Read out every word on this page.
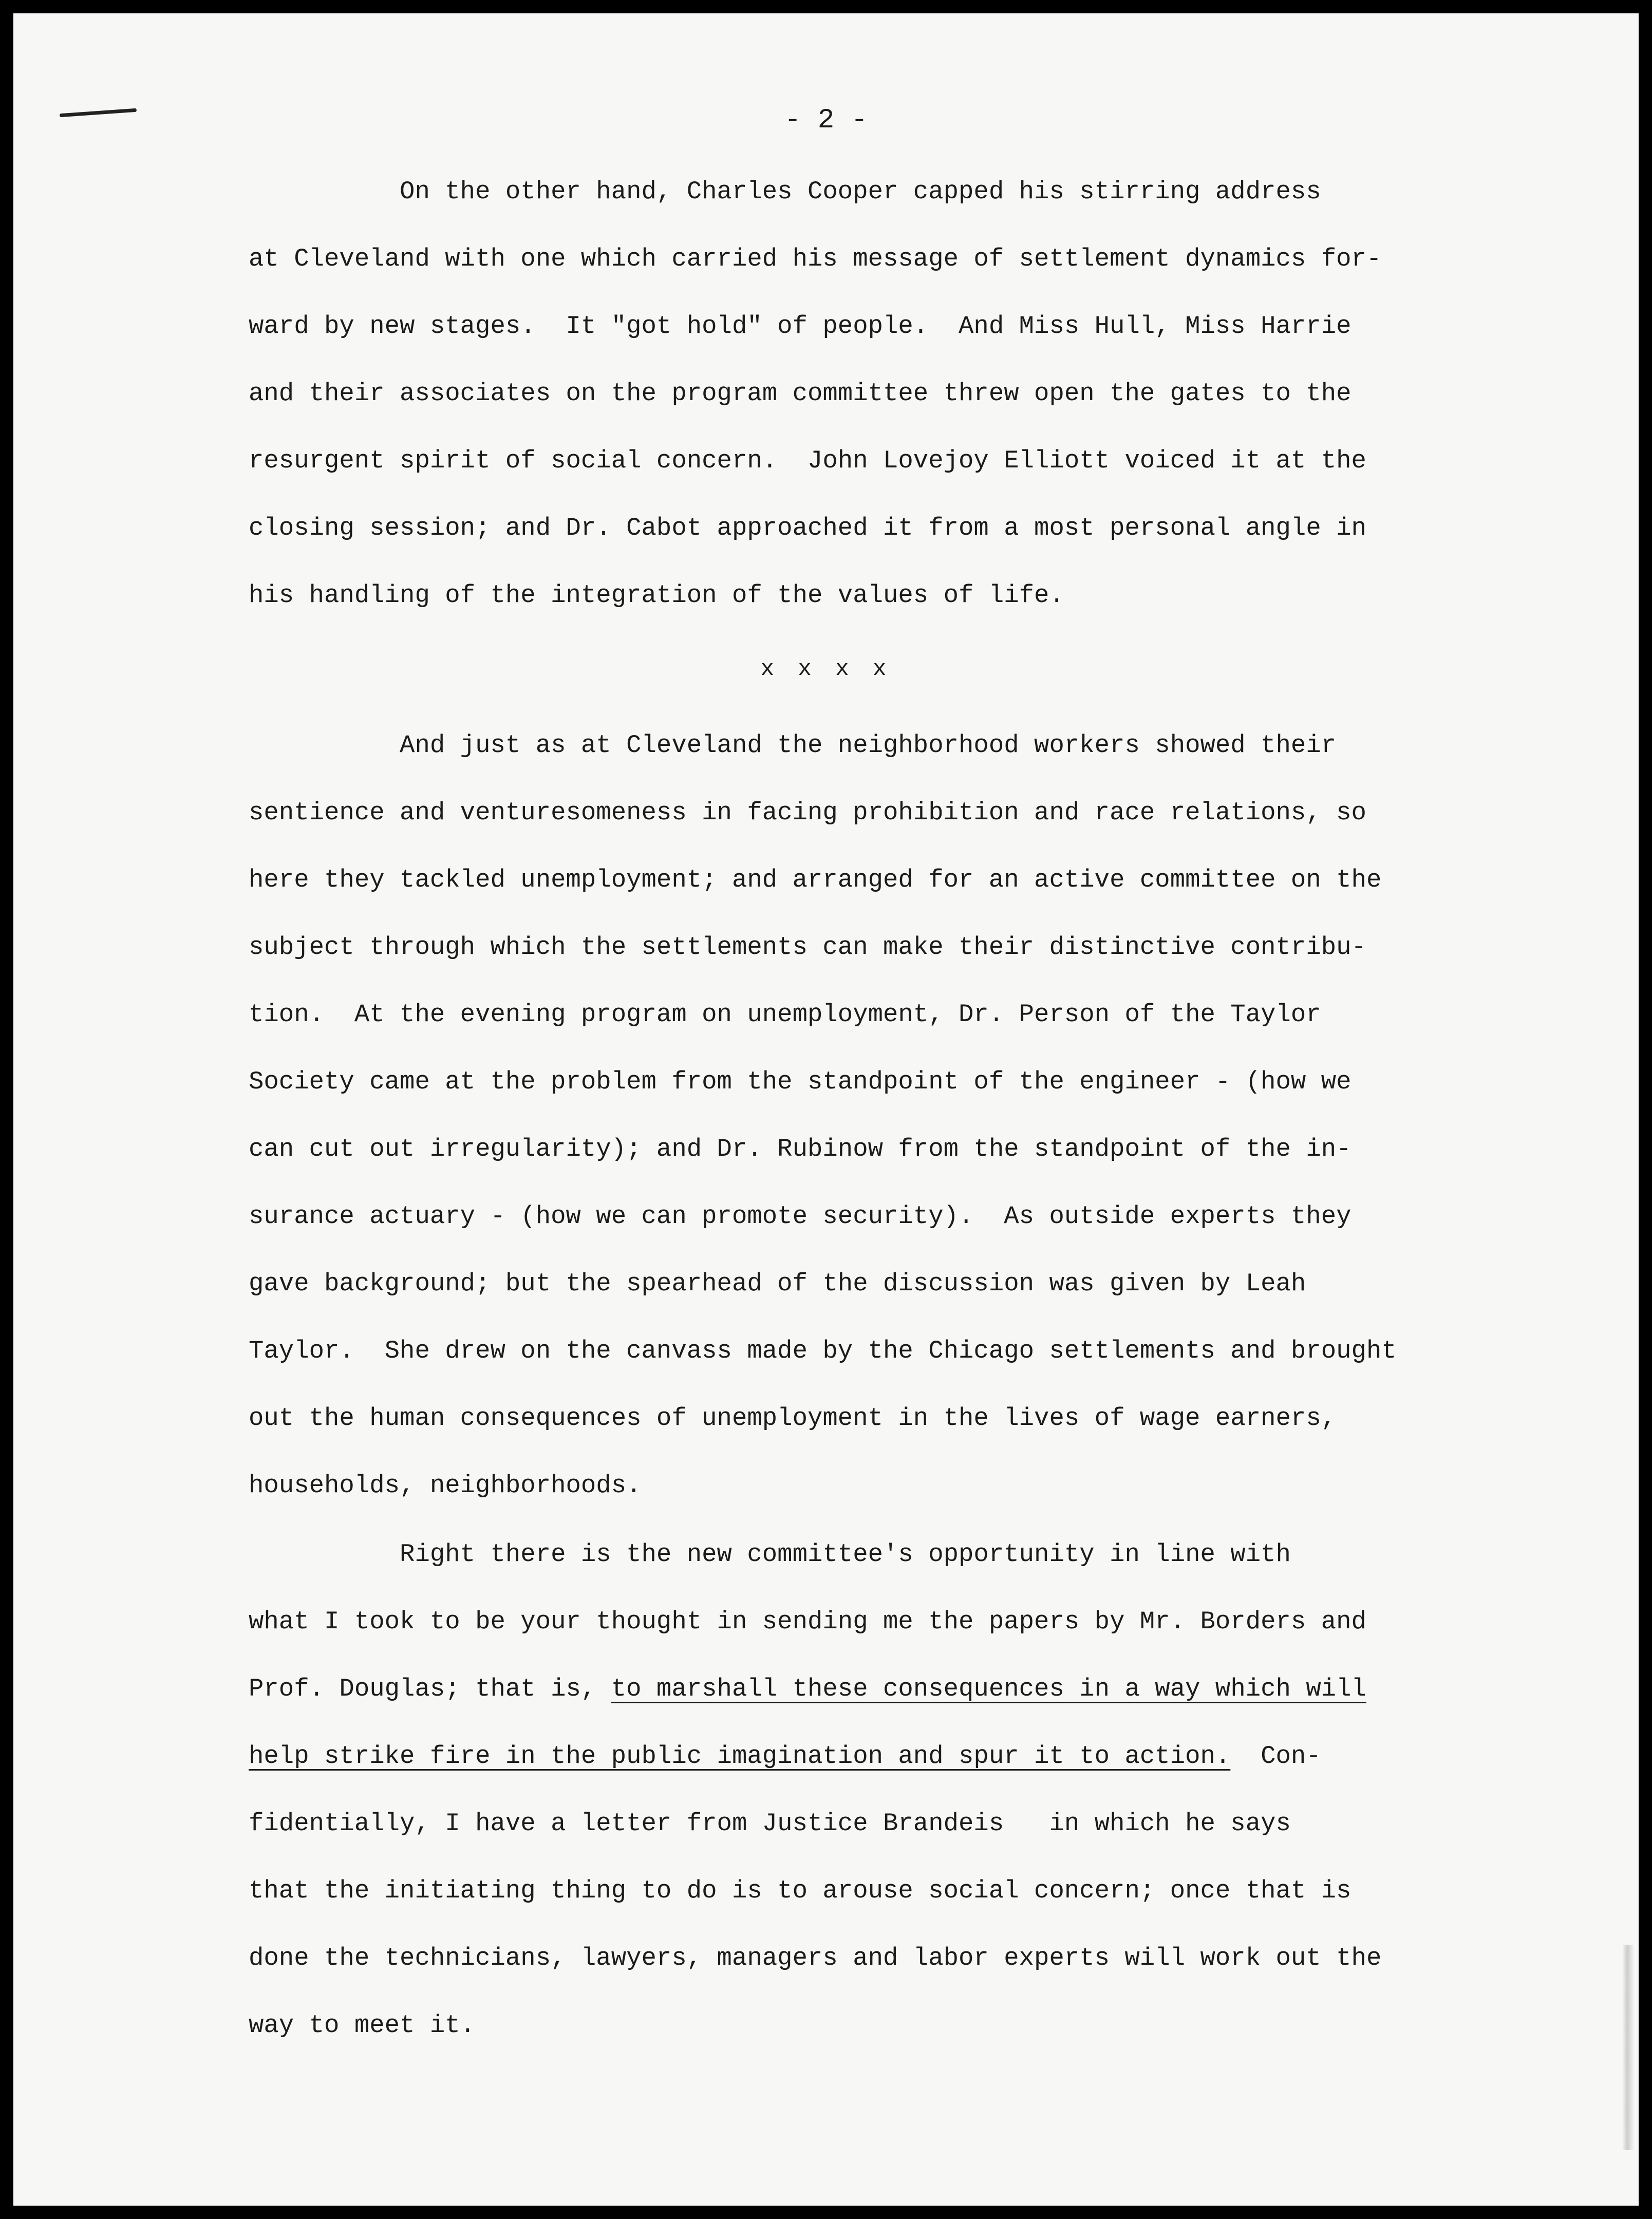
- 2 -
On the other hand, Charles Cooper capped his stirring address
at Cleveland with one which carried his message of settlement dynamics for-
ward by new stages.  It "got hold" of people.  And Miss Hull, Miss Harrie
and their associates on the program committee threw open the gates to the
resurgent spirit of social concern.  John Lovejoy Elliott voiced it at the
closing session; and Dr. Cabot approached it from a most personal angle in
his handling of the integration of the values of life.
x x x x
And just as at Cleveland the neighborhood workers showed their
sentience and venturesomeness in facing prohibition and race relations, so
here they tackled unemployment; and arranged for an active committee on the
subject through which the settlements can make their distinctive contribu-
tion.  At the evening program on unemployment, Dr. Person of the Taylor
Society came at the problem from the standpoint of the engineer - (how we
can cut out irregularity); and Dr. Rubinow from the standpoint of the in-
surance actuary - (how we can promote security).  As outside experts they
gave background; but the spearhead of the discussion was given by Leah
Taylor.  She drew on the canvass made by the Chicago settlements and brought
out the human consequences of unemployment in the lives of wage earners,
households, neighborhoods.
Right there is the new committee's opportunity in line with
what I took to be your thought in sending me the papers by Mr. Borders and
Prof. Douglas; that is, to marshall these consequences in a way which will
help strike fire in the public imagination and spur it to action.  Con-
fidentially, I have a letter from Justice Brandeis   in which he says
that the initiating thing to do is to arouse social concern; once that is
done the technicians, lawyers, managers and labor experts will work out the
way to meet it.
